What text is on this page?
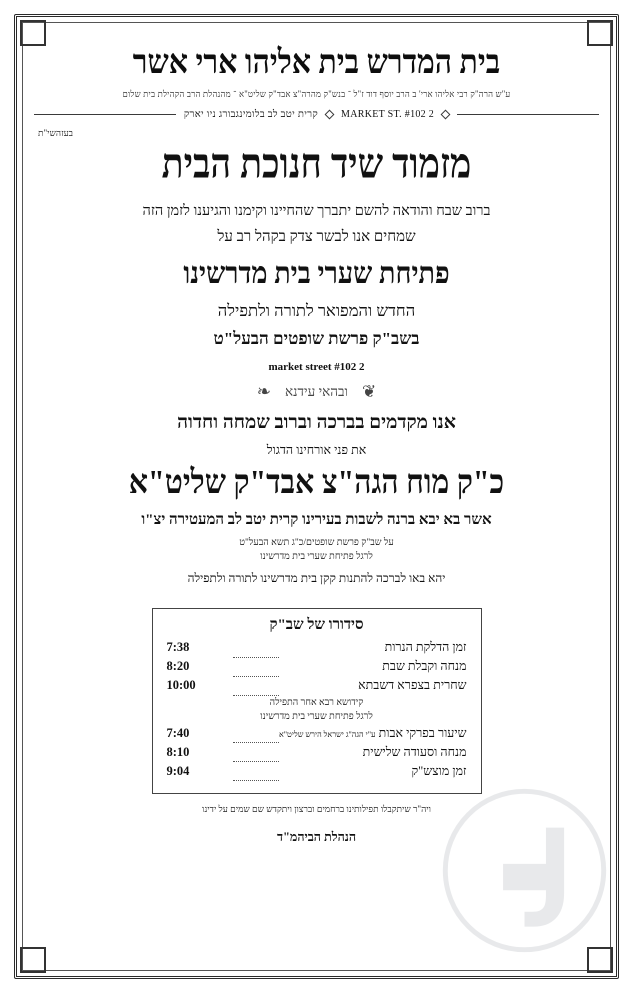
בית המדרש בית אליהו ארי אשר
ע"ש הרה"ק רבי אליהו ארי' ב הרב יוסף דוד ז"ל ־ בנש"ק מהרה"צ אבד"ק שליט"א ־ מהנהלת הרב הקהילת בית שלום
2 MARKET ST. #102
קרית יטב לב בלומינגבורג ניו יארק
בעזהשי"ת
מזמוד שיד חנוכת הבית
ברוב שבח והודאה להשם יתברך שהחיינו וקימנו והגיענו לזמן הזה
שמחים אנו לבשר צדק בקהל רב על
פתיחת שערי בית מדרשינו
החדש והמפואר לתורה ולתפילה
בשב"ק פרשת שופטים הבעל"ט
2 market street #102
❦
ובהאי עידנא
❧
אנו מקדמים בברכה וברוב שמחה וחדוה
את פני אורחינו הדגול
כ"ק מוח הגה"צ אבד"ק שליט"א
אשר בא יבא ברנה לשבות בעירינו קרית יטב לב המעטירה יצ"ו
על שב"ק פרשת שופטים/כ"ג תשא הבעל"ט
לרגל פתיחת שערי בית מדרשינו
יהא באו לברכה להתנות קקן בית מדרשינו לתורה ולתפילה
סידורו של שב"ק
זמן הדלקת הנרות		7:38
מנחה וקבלת שבת		8:20
שחרית בצפרא דשבתא		10:00
קידושא רבא אחר התפילה		
לרגל פתיחת שערי בית מדרשינו		
שיעור בפרקי אבות ע"י הגה"ג ישראל הירש שליט"א		7:40
מנחה וסעודה שלישית		8:10
זמן מוצש"ק		9:04
ויה"ר שיתקבלו תפילותינו ברחמים וברצון ויתקדש שם שמים על ידינו
הנהלת הביהמ"ד
